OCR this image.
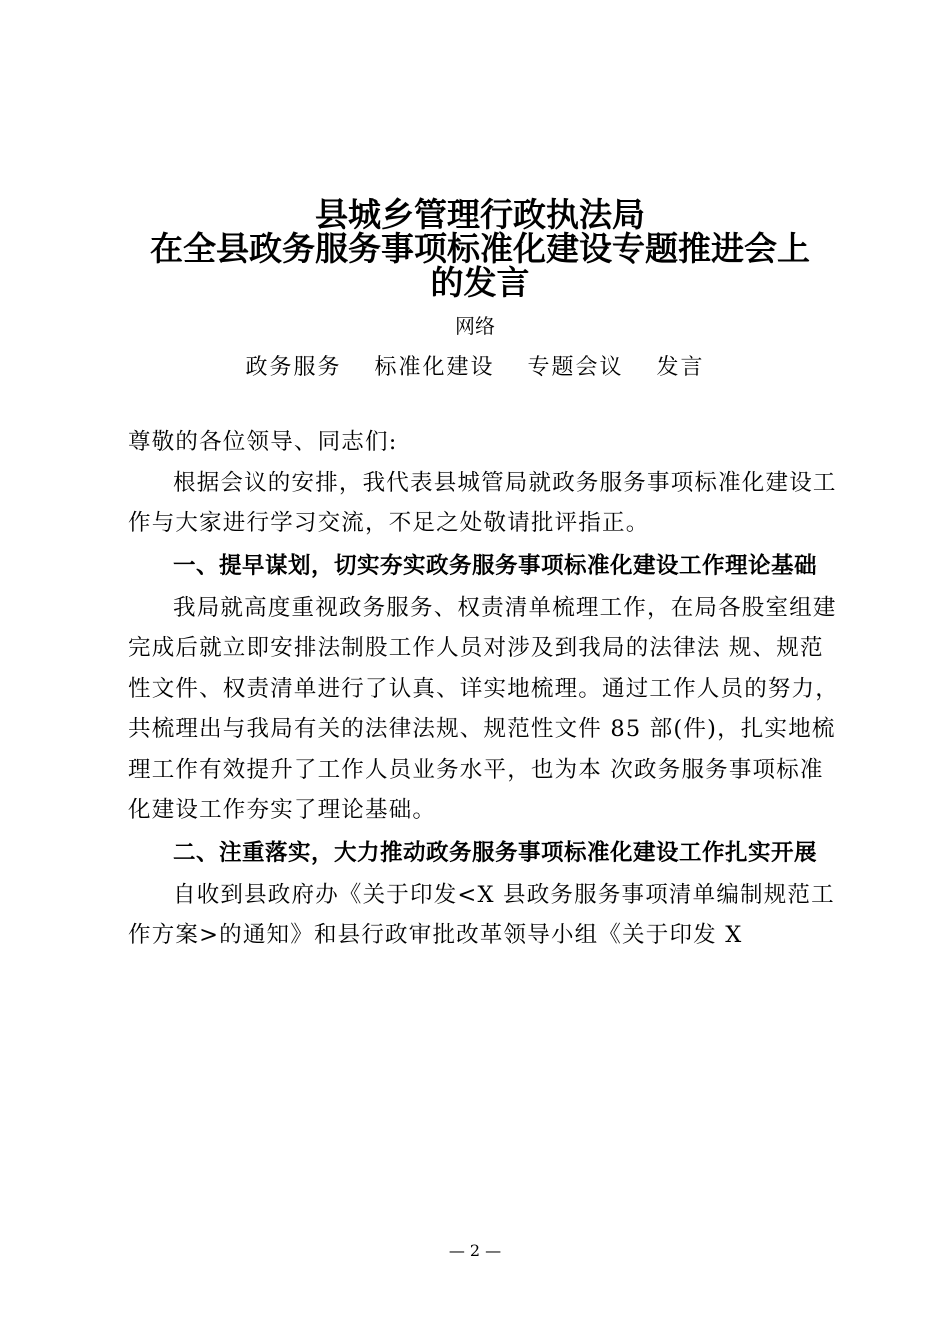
县城乡管理行政执法局
在全县政务服务事项标准化建设专题推进会上
的发言
网络
政务服务 标准化建设 专题会议 发言

尊敬的各位领导、同志们:

根据会议的安排，我代表县城管局就政务服务事项标准化建设工作与大家进行学习交流，不足之处敬请批评指正。

一、提早谋划，切实夯实政务服务事项标准化建设工作理论基础

我局就高度重视政务服务、权责清单梳理工作，在局各股室组建完成后就立即安排法制股工作人员对涉及到我局的法律法 规、规范性文件、权责清单进行了认真、详实地梳理。通过工作人员的努力，共梳理出与我局有关的法律法规、规范性文件 85 部(件)，扎实地梳理工作有效提升了工作人员业务水平，也为本 次政务服务事项标准化建设工作夯实了理论基础。

二、注重落实，大力推动政务服务事项标准化建设工作扎实开展

自收到县政府办《关于印发<X 县政务服务事项清单编制规范工作方案>的通知》和县行政审批改革领导小组《关于印发 X

— 2 —
